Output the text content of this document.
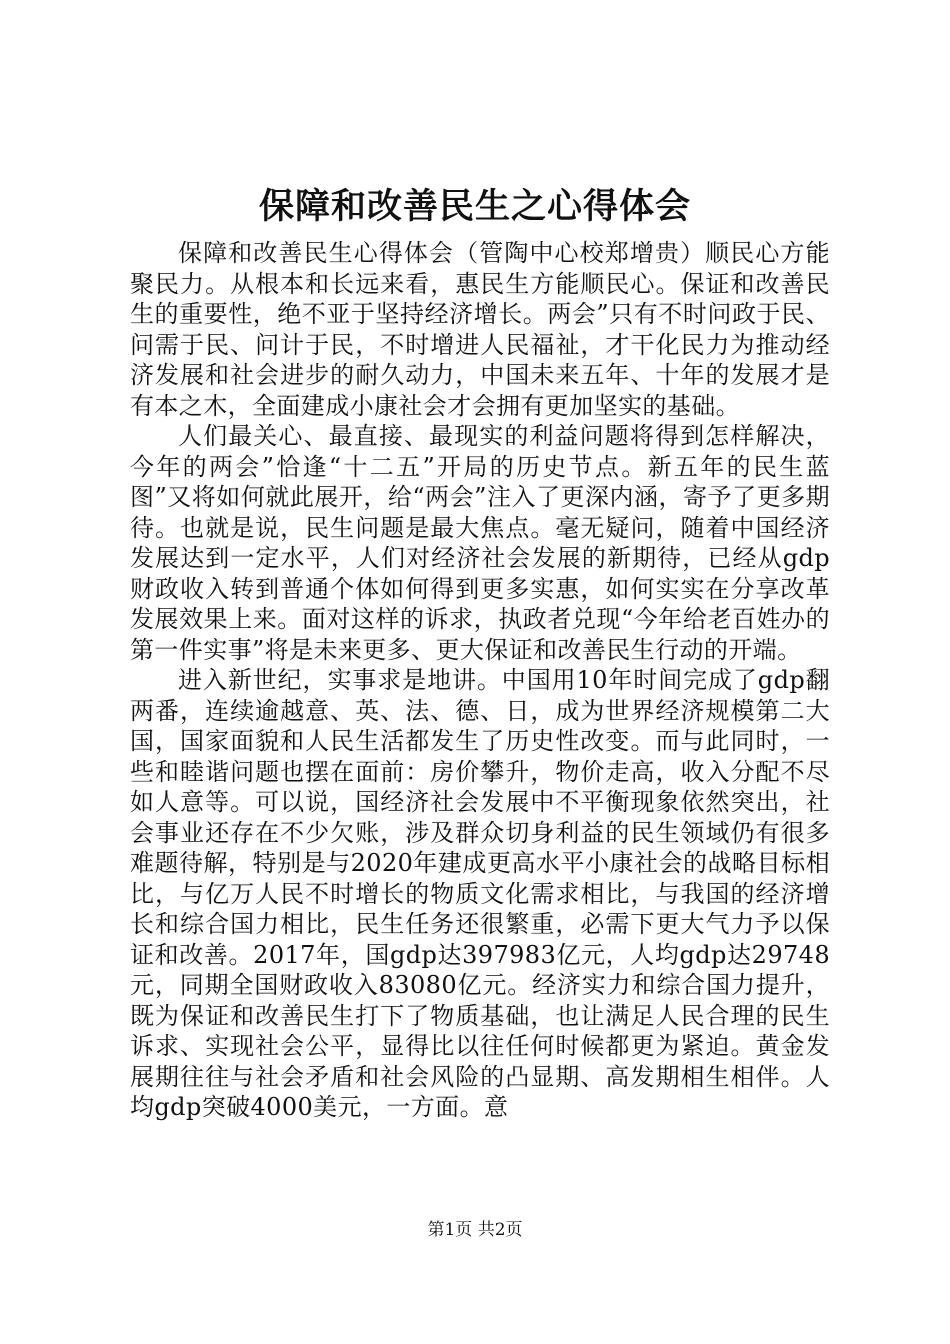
保障和改善民生之心得体会

保障和改善民生心得体会（管陶中心校郑增贵）顺民心方能聚民力。从根本和长远来看，惠民生方能顺民心。保证和改善民生的重要性，绝不亚于坚持经济增长。两会”只有不时问政于民、问需于民、问计于民，不时增进人民福祉，才干化民力为推动经济发展和社会进步的耐久动力，中国未来五年、十年的发展才是有本之木，全面建成小康社会才会拥有更加坚实的基础。

人们最关心、最直接、最现实的利益问题将得到怎样解决，今年的两会”恰逢“十二五”开局的历史节点。新五年的民生蓝图”又将如何就此展开，给“两会”注入了更深内涵，寄予了更多期待。也就是说，民生问题是最大焦点。毫无疑问，随着中国经济发展达到一定水平，人们对经济社会发展的新期待，已经从gdp财政收入转到普通个体如何得到更多实惠，如何实实在分享改革发展效果上来。面对这样的诉求，执政者兑现“今年给老百姓办的第一件实事”将是未来更多、更大保证和改善民生行动的开端。

进入新世纪，实事求是地讲。中国用10年时间完成了gdp翻两番，连续逾越意、英、法、德、日，成为世界经济规模第二大国，国家面貌和人民生活都发生了历史性改变。而与此同时，一些和睦谐问题也摆在面前：房价攀升，物价走高，收入分配不尽如人意等。可以说，国经济社会发展中不平衡现象依然突出，社会事业还存在不少欠账，涉及群众切身利益的民生领域仍有很多难题待解，特别是与2020年建成更高水平小康社会的战略目标相比，与亿万人民不时增长的物质文化需求相比，与我国的经济增长和综合国力相比，民生任务还很繁重，必需下更大气力予以保证和改善。2017年，国gdp达397983亿元，人均gdp达29748元，同期全国财政收入83080亿元。经济实力和综合国力提升，既为保证和改善民生打下了物质基础，也让满足人民合理的民生诉求、实现社会公平，显得比以往任何时候都更为紧迫。黄金发展期往往与社会矛盾和社会风险的凸显期、高发期相生相伴。人均gdp突破4000美元，一方面。意

第1页 共2页
